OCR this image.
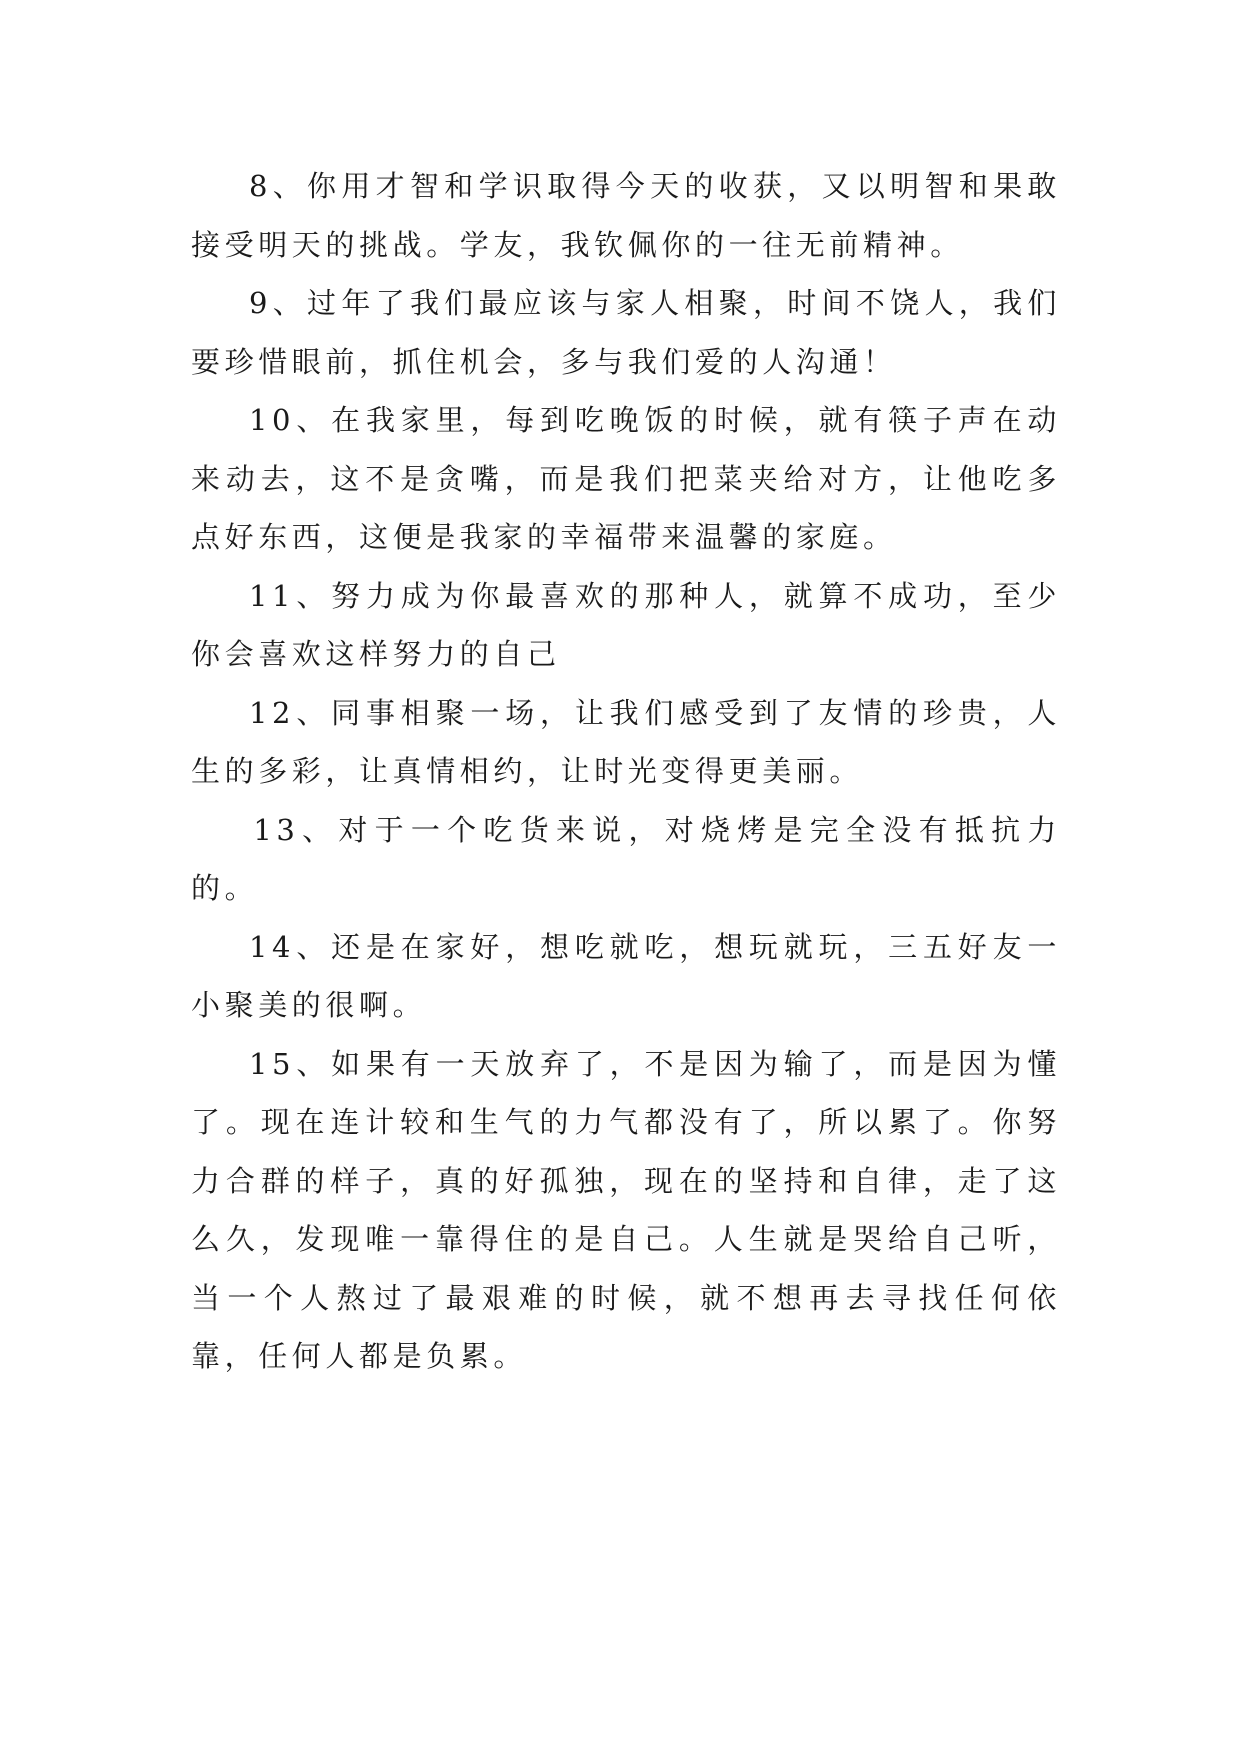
8、你用才智和学识取得今天的收获，又以明智和果敢接受明天的挑战。学友，我钦佩你的一往无前精神。

9、过年了我们最应该与家人相聚，时间不饶人，我们要珍惜眼前，抓住机会，多与我们爱的人沟通！

10、在我家里，每到吃晚饭的时候，就有筷子声在动来动去，这不是贪嘴，而是我们把菜夹给对方，让他吃多点好东西，这便是我家的幸福带来温馨的家庭。

11、努力成为你最喜欢的那种人，就算不成功，至少你会喜欢这样努力的自己

12、同事相聚一场，让我们感受到了友情的珍贵，人生的多彩，让真情相约，让时光变得更美丽。

13、对于一个吃货来说，对烧烤是完全没有抵抗力的。

14、还是在家好，想吃就吃，想玩就玩，三五好友一小聚美的很啊。

15、如果有一天放弃了，不是因为输了，而是因为懂了。现在连计较和生气的力气都没有了，所以累了。你努力合群的样子，真的好孤独，现在的坚持和自律，走了这么久，发现唯一靠得住的是自己。人生就是哭给自己听，当一个人熬过了最艰难的时候，就不想再去寻找任何依靠，任何人都是负累。
